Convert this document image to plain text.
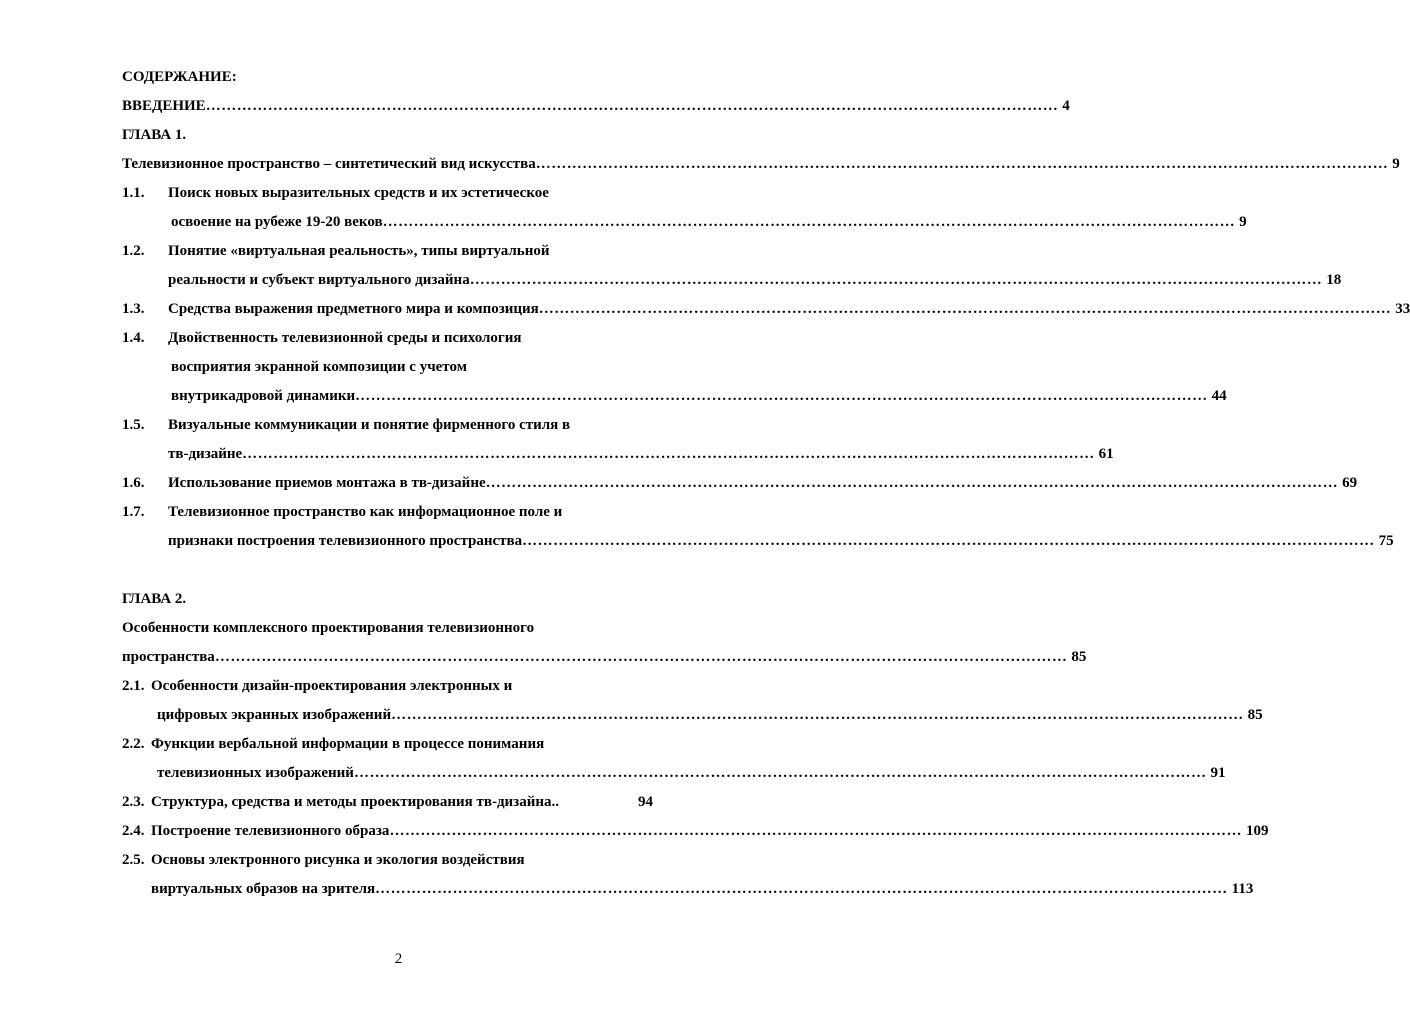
СОДЕРЖАНИЕ:
ВВЕДЕНИЕ ………………………………………………………………………………………………………………………………………………… 4
ГЛАВА 1.
Телевизионное пространство – синтетический вид искусства ………………………………………………………………………………………………………………………………………………… 9
1.1. Поиск новых выразительных средств и их эстетическое
освоение на рубеже 19-20 веков ………………………………………………………………………………………………………………………………………………… 9
1.2. Понятие «виртуальная реальность», типы виртуальной
реальности и субъект виртуального дизайна ………………………………………………………………………………………………………………………………………………… 18
1.3. Средства выражения предметного мира и композиция ………………………………………………………………………………………………………………………………………………… 33
1.4. Двойственность телевизионной среды и психология
восприятия экранной композиции с учетом
внутрикадровой динамики ………………………………………………………………………………………………………………………………………………… 44
1.5. Визуальные коммуникации и понятие фирменного стиля в
тв-дизайне ………………………………………………………………………………………………………………………………………………… 61
1.6. Использование приемов монтажа в тв-дизайне ………………………………………………………………………………………………………………………………………………… 69
1.7. Телевизионное пространство как информационное поле и
признаки построения телевизионного пространства ………………………………………………………………………………………………………………………………………………… 75
ГЛАВА 2.
Особенности комплексного проектирования телевизионного
пространства ………………………………………………………………………………………………………………………………………………… 85
2.1. Особенности дизайн-проектирования электронных и
цифровых экранных изображений ………………………………………………………………………………………………………………………………………………… 85
2.2. Функции вербальной информации в процессе понимания
телевизионных изображений ………………………………………………………………………………………………………………………………………………… 91
2.3. Структура, средства и методы проектирования тв-дизайна..	94
2.4. Построение телевизионного образа ………………………………………………………………………………………………………………………………………………… 109
2.5. Основы электронного рисунка и экология воздействия
виртуальных образов на зрителя ………………………………………………………………………………………………………………………………………………… 113
2
